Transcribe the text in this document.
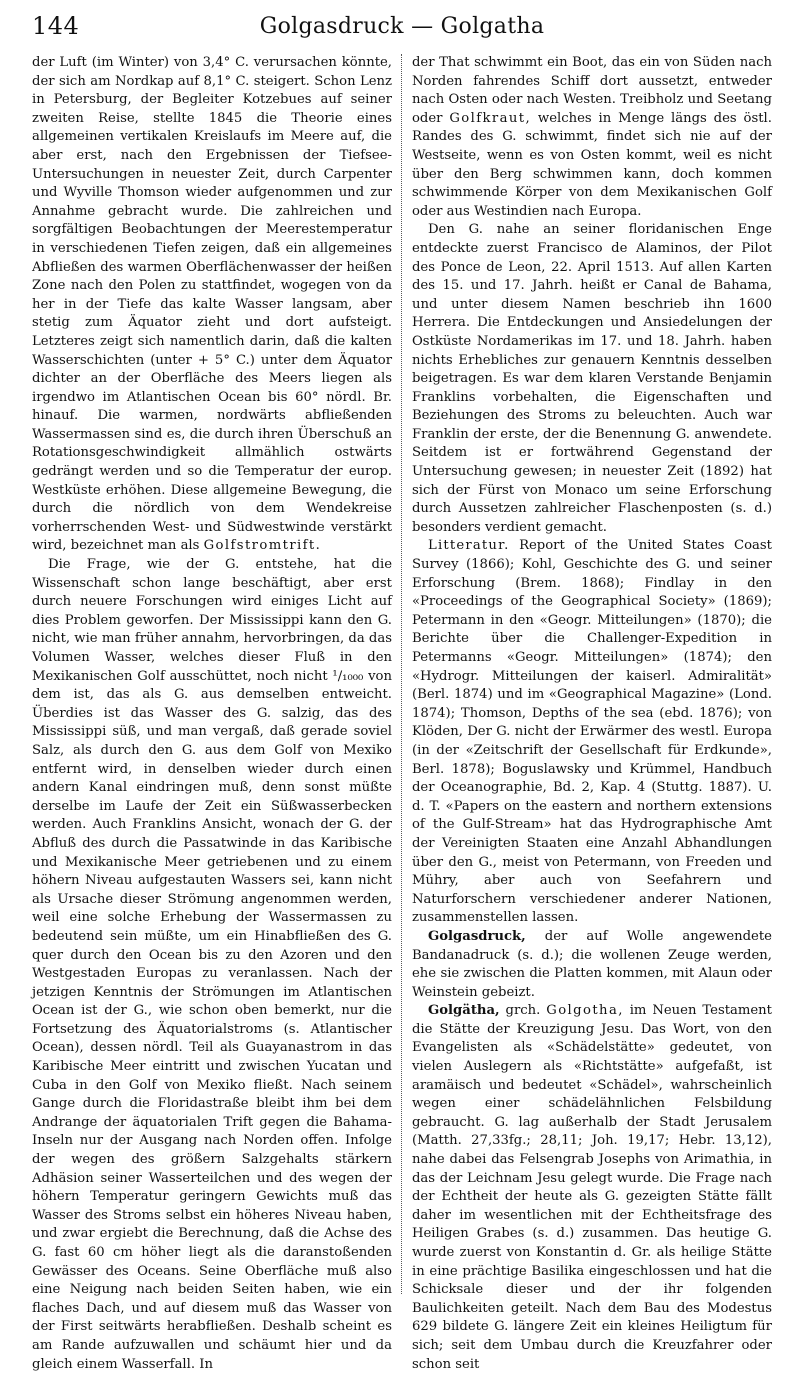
144	Golgasdruck — Golgatha

der Luft (im Winter) von 3,4° C. verursachen könnte, der sich am Nordkap auf 8,1° C. steigert. Schon Lenz in Petersburg, der Begleiter Kotzebues auf seiner zweiten Reise, stellte 1845 die Theorie eines allgemeinen vertikalen Kreislaufs im Meere auf, die aber erst, nach den Ergebnissen der Tiefsee-Untersuchungen in neuester Zeit, durch Carpenter und Wyville Thomson wieder aufgenommen und zur Annahme gebracht wurde. Die zahlreichen und sorgfältigen Beobachtungen der Meerestemperatur in verschiedenen Tiefen zeigen, daß ein allgemeines Abfließen des warmen Oberflächenwasser der heißen Zone nach den Polen zu stattfindet, wogegen von da her in der Tiefe das kalte Wasser langsam, aber stetig zum Äquator zieht und dort aufsteigt. Letzteres zeigt sich namentlich darin, daß die kalten Wasserschichten (unter + 5° C.) unter dem Äquator dichter an der Oberfläche des Meers liegen als irgendwo im Atlantischen Ocean bis 60° nördl. Br. hinauf. Die warmen, nordwärts abfließenden Wassermassen sind es, die durch ihren Überschuß an Rotationsgeschwindigkeit allmählich ostwärts gedrängt werden und so die Temperatur der europ. Westküste erhöhen. Diese allgemeine Bewegung, die durch die nördlich von dem Wendekreise vorherrschenden West- und Südwestwinde verstärkt wird, bezeichnet man als Golfstromtrift.

Die Frage, wie der G. entstehe, hat die Wissenschaft schon lange beschäftigt, aber erst durch neuere Forschungen wird einiges Licht auf dies Problem geworfen. Der Mississippi kann den G. nicht, wie man früher annahm, hervorbringen, da das Volumen Wasser, welches dieser Fluß in den Mexikanischen Golf ausschüttet, noch nicht ¹/₁₀₀₀ von dem ist, das als G. aus demselben entweicht. Überdies ist das Wasser des G. salzig, das des Mississippi süß, und man vergaß, daß gerade soviel Salz, als durch den G. aus dem Golf von Mexiko entfernt wird, in denselben wieder durch einen andern Kanal eindringen muß, denn sonst müßte derselbe im Laufe der Zeit ein Süßwasserbecken werden. Auch Franklins Ansicht, wonach der G. der Abfluß des durch die Passatwinde in das Karibische und Mexikanische Meer getriebenen und zu einem höhern Niveau aufgestauten Wassers sei, kann nicht als Ursache dieser Strömung angenommen werden, weil eine solche Erhebung der Wassermassen zu bedeutend sein müßte, um ein Hinabfließen des G. quer durch den Ocean bis zu den Azoren und den Westgestaden Europas zu veranlassen. Nach der jetzigen Kenntnis der Strömungen im Atlantischen Ocean ist der G., wie schon oben bemerkt, nur die Fortsetzung des Äquatorialstroms (s. Atlantischer Ocean), dessen nördl. Teil als Guayanastrom in das Karibische Meer eintritt und zwischen Yucatan und Cuba in den Golf von Mexiko fließt. Nach seinem Gange durch die Floridastraße bleibt ihm bei dem Andrange der äquatorialen Trift gegen die Bahama-Inseln nur der Ausgang nach Norden offen. Infolge der wegen des größern Salzgehalts stärkern Adhäsion seiner Wasserteilchen und des wegen der höhern Temperatur geringern Gewichts muß das Wasser des Stroms selbst ein höheres Niveau haben, und zwar ergiebt die Berechnung, daß die Achse des G. fast 60 cm höher liegt als die daranstoßenden Gewässer des Oceans. Seine Oberfläche muß also eine Neigung nach beiden Seiten haben, wie ein flaches Dach, und auf diesem muß das Wasser von der First seitwärts herabfließen. Deshalb scheint es am Rande aufzuwallen und schäumt hier und da gleich einem Wasserfall. In

der That schwimmt ein Boot, das ein von Süden nach Norden fahrendes Schiff dort aussetzt, entweder nach Osten oder nach Westen. Treibholz und Seetang oder Golfkraut, welches in Menge längs des östl. Randes des G. schwimmt, findet sich nie auf der Westseite, wenn es von Osten kommt, weil es nicht über den Berg schwimmen kann, doch kommen schwimmende Körper von dem Mexikanischen Golf oder aus Westindien nach Europa.

Den G. nahe an seiner floridanischen Enge entdeckte zuerst Francisco de Alaminos, der Pilot des Ponce de Leon, 22. April 1513. Auf allen Karten des 15. und 17. Jahrh. heißt er Canal de Bahama, und unter diesem Namen beschrieb ihn 1600 Herrera. Die Entdeckungen und Ansiedelungen der Ostküste Nordamerikas im 17. und 18. Jahrh. haben nichts Erhebliches zur genauern Kenntnis desselben beigetragen. Es war dem klaren Verstande Benjamin Franklins vorbehalten, die Eigenschaften und Beziehungen des Stroms zu beleuchten. Auch war Franklin der erste, der die Benennung G. anwendete. Seitdem ist er fortwährend Gegenstand der Untersuchung gewesen; in neuester Zeit (1892) hat sich der Fürst von Monaco um seine Erforschung durch Aussetzen zahlreicher Flaschenposten (s. d.) besonders verdient gemacht.

Litteratur. Report of the United States Coast Survey (1866); Kohl, Geschichte des G. und seiner Erforschung (Brem. 1868); Findlay in den «Proceedings of the Geographical Society» (1869); Petermann in den «Geogr. Mitteilungen» (1870); die Berichte über die Challenger-Expedition in Petermanns «Geogr. Mitteilungen» (1874); den «Hydrogr. Mitteilungen der kaiserl. Admiralität» (Berl. 1874) und im «Geographical Magazine» (Lond. 1874); Thomson, Depths of the sea (ebd. 1876); von Klöden, Der G. nicht der Erwärmer des westl. Europa (in der «Zeitschrift der Gesellschaft für Erdkunde», Berl. 1878); Boguslawsky und Krümmel, Handbuch der Oceanographie, Bd. 2, Kap. 4 (Stuttg. 1887). U. d. T. «Papers on the eastern and northern extensions of the Gulf-Stream» hat das Hydrographische Amt der Vereinigten Staaten eine Anzahl Abhandlungen über den G., meist von Petermann, von Freeden und Mühry, aber auch von Seefahrern und Naturforschern verschiedener anderer Nationen, zusammenstellen lassen.

Golgasdruck, der auf Wolle angewendete Bandanadruck (s. d.); die wollenen Zeuge werden, ehe sie zwischen die Platten kommen, mit Alaun oder Weinstein gebeizt.

Golgätha, grch. Golgotha, im Neuen Testament die Stätte der Kreuzigung Jesu. Das Wort, von den Evangelisten als «Schädelstätte» gedeutet, von vielen Auslegern als «Richtstätte» aufgefaßt, ist aramäisch und bedeutet «Schädel», wahrscheinlich wegen einer schädelähnlichen Felsbildung gebraucht. G. lag außerhalb der Stadt Jerusalem (Matth. 27,33fg.; 28,11; Joh. 19,17; Hebr. 13,12), nahe dabei das Felsengrab Josephs von Arimathia, in das der Leichnam Jesu gelegt wurde. Die Frage nach der Echtheit der heute als G. gezeigten Stätte fällt daher im wesentlichen mit der Echtheitsfrage des Heiligen Grabes (s. d.) zusammen. Das heutige G. wurde zuerst von Konstantin d. Gr. als heilige Stätte in eine prächtige Basilika eingeschlossen und hat die Schicksale dieser und der ihr folgenden Baulichkeiten geteilt. Nach dem Bau des Modestus 629 bildete G. längere Zeit ein kleines Heiligtum für sich; seit dem Umbau durch die Kreuzfahrer oder schon seit
